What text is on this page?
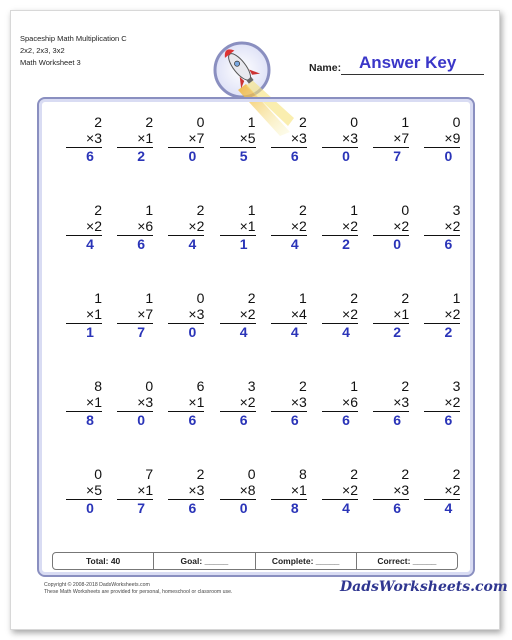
Spaceship Math Multiplication C
2x2, 2x3, 3x2
Math Worksheet 3	Name: Answer Key
2
×3
6
2
×1
2
0
×7
0
1
×5
5
2
×3
6
0
×3
0
1
×7
7
0
×9
0
2
×2
4
1
×6
6
2
×2
4
1
×1
1
2
×2
4
1
×2
2
0
×2
0
3
×2
6
1
×1
1
1
×7
7
0
×3
0
2
×2
4
1
×4
4
2
×2
4
2
×1
2
1
×2
2
8
×1
8
0
×3
0
6
×1
6
3
×2
6
2
×3
6
1
×6
6
2
×3
6
3
×2
6
0
×5
0
7
×1
7
2
×3
6
0
×8
0
8
×1
8
2
×2
4
2
×3
6
2
×2
4
Total: 40	Goal: _____	Complete: _____	Correct: _____
Copyright © 2008-2018 DadsWorksheets.com
These Math Worksheets are provided for personal, homeschool or classroom use.	DadsWorksheets.com
